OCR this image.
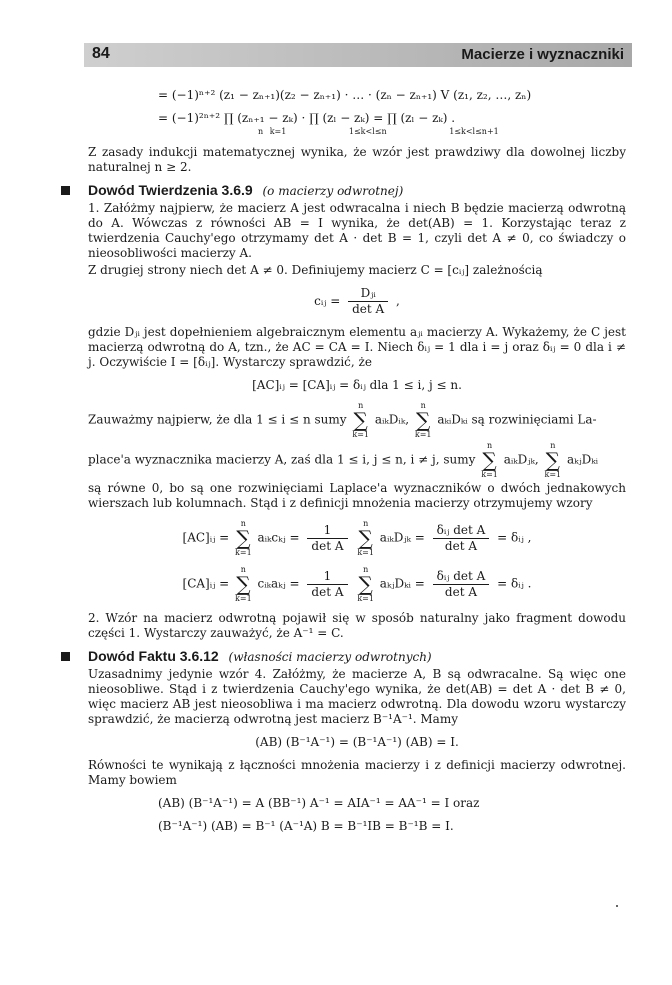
84	Macierze i wyznaczniki
= (−1)ⁿ⁺² (z₁ − zₙ₊₁)(z₂ − zₙ₊₁) · … · (zₙ − zₙ₊₁) V (z₁, z₂, …, zₙ)
= (−1)²ⁿ⁺² ∏ (zₙ₊₁ − zₖ) · ∏ (zₗ − zₖ) = ∏ (zₗ − zₖ) .
n k=1	1≤k<l≤n	1≤k<l≤n+1

Z zasady indukcji matematycznej wynika, że wzór jest prawdziwy dla dowolnej liczby naturalnej n ≥ 2.

Dowód Twierdzenia 3.6.9 (o macierzy odwrotnej)

1. Załóżmy najpierw, że macierz A jest odwracalna i niech B będzie macierzą odwrotną do A. Wówczas z równości AB = I wynika, że det(AB) = 1. Korzystając teraz z twierdzenia Cauchy'ego otrzymamy det A · det B = 1, czyli det A ≠ 0, co świadczy o nieosobliwości macierzy A.

Z drugiej strony niech det A ≠ 0. Definiujemy macierz C = [cᵢⱼ] zależnością

cᵢⱼ = $\frac{\text{Dⱼᵢ}}{\text{det A}}$ ,

gdzie Dⱼᵢ jest dopełnieniem algebraicznym elementu aⱼᵢ macierzy A. Wykażemy, że C jest macierzą odwrotną do A, tzn., że AC = CA = I. Niech δᵢⱼ = 1 dla i = j oraz δᵢⱼ = 0 dla i ≠ j. Oczywiście I = [δᵢⱼ]. Wystarczy sprawdzić, że

[AC]ᵢⱼ = [CA]ᵢⱼ = δᵢⱼ dla 1 ≤ i, j ≤ n.

Zauważmy najpierw, że dla 1 ≤ i ≤ n sumy
n
∑
k=1
aᵢₖDᵢₖ,
n
∑
k=1
aₖᵢDₖᵢ są rozwinięciami La-

place'a wyznacznika macierzy A, zaś dla 1 ≤ i, j ≤ n, i ≠ j, sumy
n
∑
k=1
aᵢₖDⱼₖ,
n
∑
k=1
aₖⱼDₖᵢ

są równe 0, bo są one rozwinięciami Laplace'a wyznaczników o dwóch jednakowych wierszach lub kolumnach. Stąd i z definicji mnożenia macierzy otrzymujemy wzory

[AC]ᵢⱼ =
n
∑
k=1
aᵢₖcₖⱼ = $\frac{1}{\text{det A}}$
	n
∑
k=1
aᵢₖDⱼₖ = $\frac{\text{δᵢⱼ det A}}{\text{det A}}$ = δᵢⱼ ,
[CA]ᵢⱼ =
n
∑
k=1
cᵢₖaₖⱼ = $\frac{1}{\text{det A}}$
	n
∑
k=1
aₖⱼDₖᵢ = $\frac{\text{δᵢⱼ det A}}{\text{det A}}$ = δᵢⱼ .

2. Wzór na macierz odwrotną pojawił się w sposób naturalny jako fragment dowodu części 1. Wystarczy zauważyć, że A⁻¹ = C.

Dowód Faktu 3.6.12 (własności macierzy odwrotnych)

Uzasadnimy jedynie wzór 4. Załóżmy, że macierze A, B są odwracalne. Są więc one nieosobliwe. Stąd i z twierdzenia Cauchy'ego wynika, że det(AB) = det A · det B ≠ 0, więc macierz AB jest nieosobliwa i ma macierz odwrotną. Dla dowodu wzoru wystarczy sprawdzić, że macierzą odwrotną jest macierz B⁻¹A⁻¹. Mamy

(AB) (B⁻¹A⁻¹) = (B⁻¹A⁻¹) (AB) = I.

Równości te wynikają z łączności mnożenia macierzy i z definicji macierzy odwrotnej. Mamy bowiem

(AB) (B⁻¹A⁻¹) = A (BB⁻¹) A⁻¹ = AIA⁻¹ = AA⁻¹ = I oraz
(B⁻¹A⁻¹) (AB) = B⁻¹ (A⁻¹A) B = B⁻¹IB = B⁻¹B = I.
